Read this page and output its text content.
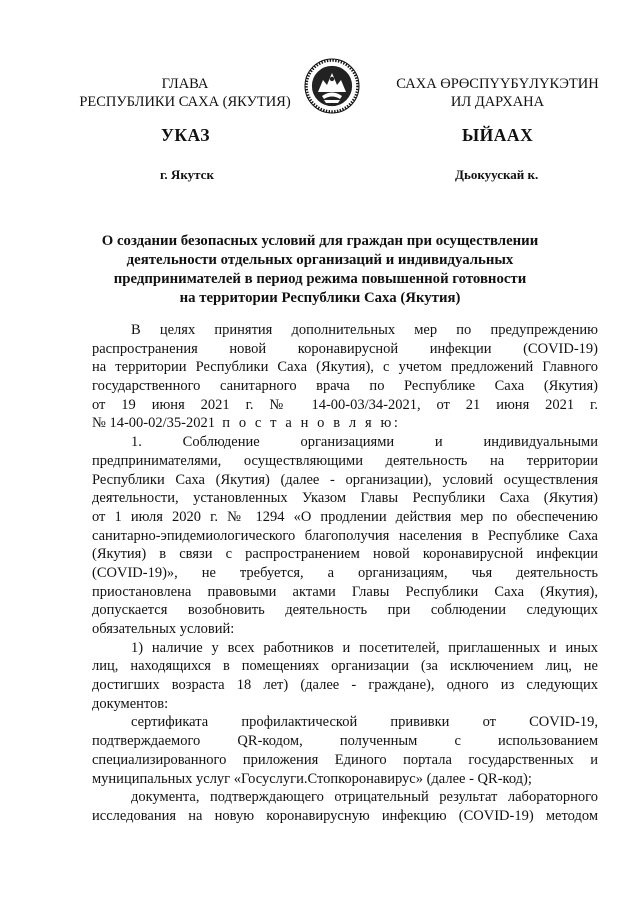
ГЛАВА
РЕСПУБЛИКИ САХА (ЯКУТИЯ)
САХА ӨРӨСПҮҮБҮЛҮКЭТИН
ИЛ ДАРХАНА
УКАЗ	ЫЙААХ
г. Якутск	Дьокуускай к.
О создании безопасных условий для граждан при осуществлении
деятельности отдельных организаций и индивидуальных
предпринимателей в период режима повышенной готовности
на территории Республики Саха (Якутия)
В целях принятия дополнительных мер по предупреждению
распространения новой коронавирусной инфекции (COVID-19)
на территории Республики Саха (Якутия), с учетом предложений Главного
государственного санитарного врача по Республике Саха (Якутия)
от 19 июня 2021 г. № 14-00-03/34-2021, от 21 июня 2021 г.
№ 14-00-02/35-2021 п о с т а н о в л я ю:
1. Соблюдение организациями и индивидуальными
предпринимателями, осуществляющими деятельность на территории
Республики Саха (Якутия) (далее - организации), условий осуществления
деятельности, установленных Указом Главы Республики Саха (Якутия)
от 1 июля 2020 г. № 1294 «О продлении действия мер по обеспечению
санитарно-эпидемиологического благополучия населения в Республике Саха
(Якутия) в связи с распространением новой коронавирусной инфекции
(COVID-19)», не требуется, а организациям, чья деятельность
приостановлена правовыми актами Главы Республики Саха (Якутия),
допускается возобновить деятельность при соблюдении следующих
обязательных условий:
1) наличие у всех работников и посетителей, приглашенных и иных
лиц, находящихся в помещениях организации (за исключением лиц, не
достигших возраста 18 лет) (далее - граждане), одного из следующих
документов:
сертификата профилактической прививки от COVID-19,
подтверждаемого QR-кодом, полученным с использованием
специализированного приложения Единого портала государственных и
муниципальных услуг «Госуслуги.Стопкоронавирус» (далее - QR-код);
документа, подтверждающего отрицательный результат лабораторного
исследования на новую коронавирусную инфекцию (COVID-19) методом
